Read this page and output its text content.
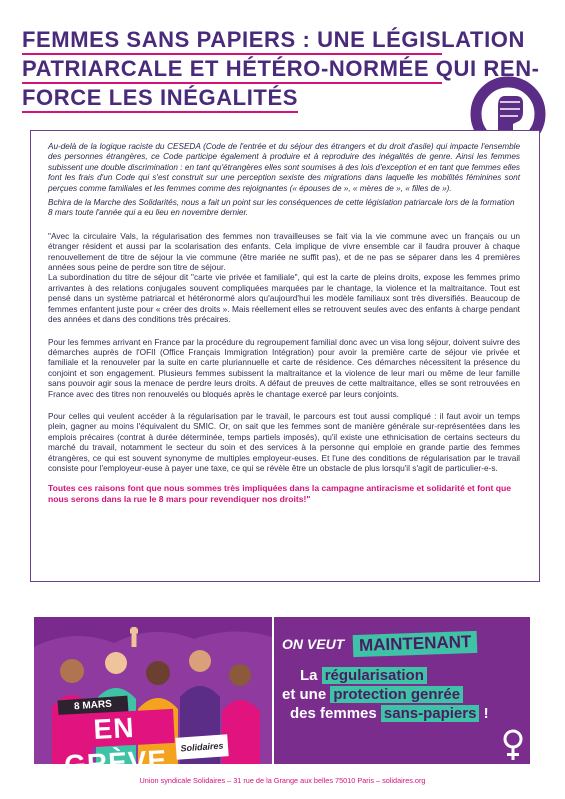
FEMMES SANS PAPIERS : UNE LÉGISLATION
PATRIARCALE ET HÉTÉRO-NORMÉE QUI REN-
FORCE LES INÉGALITÉS

Au-delà de la logique raciste du CESEDA (Code de l'entrée et du séjour des étrangers et du droit d'asile) qui impacte l'ensemble des personnes étrangères, ce Code participe également à produire et à reproduire des inégalités de genre. Ainsi les femmes subissent une double discrimination : en tant qu'étrangères elles sont soumises à des lois d'exception et en tant que femmes elles font les frais d'un Code qui s'est construit sur une perception sexiste des migrations dans laquelle les mobilités féminines sont perçues comme familiales et les femmes comme des rejoignantes (« épouses de », « mères de », « filles de »).

Bchira de la Marche des Solidarités, nous a fait un point sur les conséquences de cette législation patriarcale lors de la formation 8 mars toute l'année qui a eu lieu en novembre dernier.

"Avec la circulaire Vals, la régularisation des femmes non travailleuses se fait via la vie commune avec un français ou un étranger résident et aussi par la scolarisation des enfants. Cela implique de vivre ensemble car il faudra prouver à chaque renouvellement de titre de séjour la vie commune (être mariée ne suffit pas), et de ne pas se séparer dans les 4 premières années sous peine de perdre son titre de séjour.

La subordination du titre de séjour dit "carte vie privée et familiale", qui est la carte de pleins droits, expose les femmes primo arrivantes à des relations conjugales souvent compliquées marquées par le chantage, la violence et la maltraitance. Tout est pensé dans un système patriarcal et hétéronormé alors qu'aujourd'hui les modèle familiaux sont très diversifiés. Beaucoup de femmes enfantent juste pour « créer des droits ». Mais réellement elles se retrouvent seules avec des enfants à charge pendant des années et dans des conditions très précaires.

Pour les femmes arrivant en France par la procédure du regroupement familial donc avec un visa long séjour, doivent suivre des démarches auprès de l'OFII (Office Français Immigration Intégration) pour avoir la première carte de séjour vie privée et familiale et la renouveler par la suite en carte pluriannuelle et carte de résidence. Ces démarches nécessitent la présence du conjoint et son engagement. Plusieurs femmes subissent la maltraitance et la violence de leur mari ou même de leur famille sans pouvoir agir sous la menace de perdre leurs droits. A défaut de preuves de cette maltraitance, elles se sont retrouvées en France avec des titres non renouvelés ou bloqués après le chantage exercé par leurs conjoints.

Pour celles qui veulent accéder à la régularisation par le travail, le parcours est tout aussi compliqué : il faut avoir un temps plein, gagner au moins l'équivalent du SMIC. Or, on sait que les femmes sont de manière générale sur-représentées dans les emplois précaires (contrat à durée déterminée, temps partiels imposés), qu'il existe une ethnicisation de certains secteurs du marché du travail, notamment le secteur du soin et des services à la personne qui emploie en grande partie des femmes étrangères, ce qui est souvent synonyme de multiples employeur-euses. Et l'une des conditions de régularisation par le travail consiste pour l'employeur-euse à payer une taxe, ce qui se révèle être un obstacle de plus lorsqu'il s'agit de particulier-e-s.

Toutes ces raisons font que nous sommes très impliquées dans la campagne antiracisme et solidarité et font que nous serons dans la rue le 8 mars pour revendiquer nos droits!"

8 MARS
EN GRÈVE	Solidaires
ON VEUT MAINTENANT
La régularisation
et une protection genrée
des femmes sans-papiers !
Union syndicale Solidaires – 31 rue de la Grange aux belles 75010 Paris – solidaires.org
